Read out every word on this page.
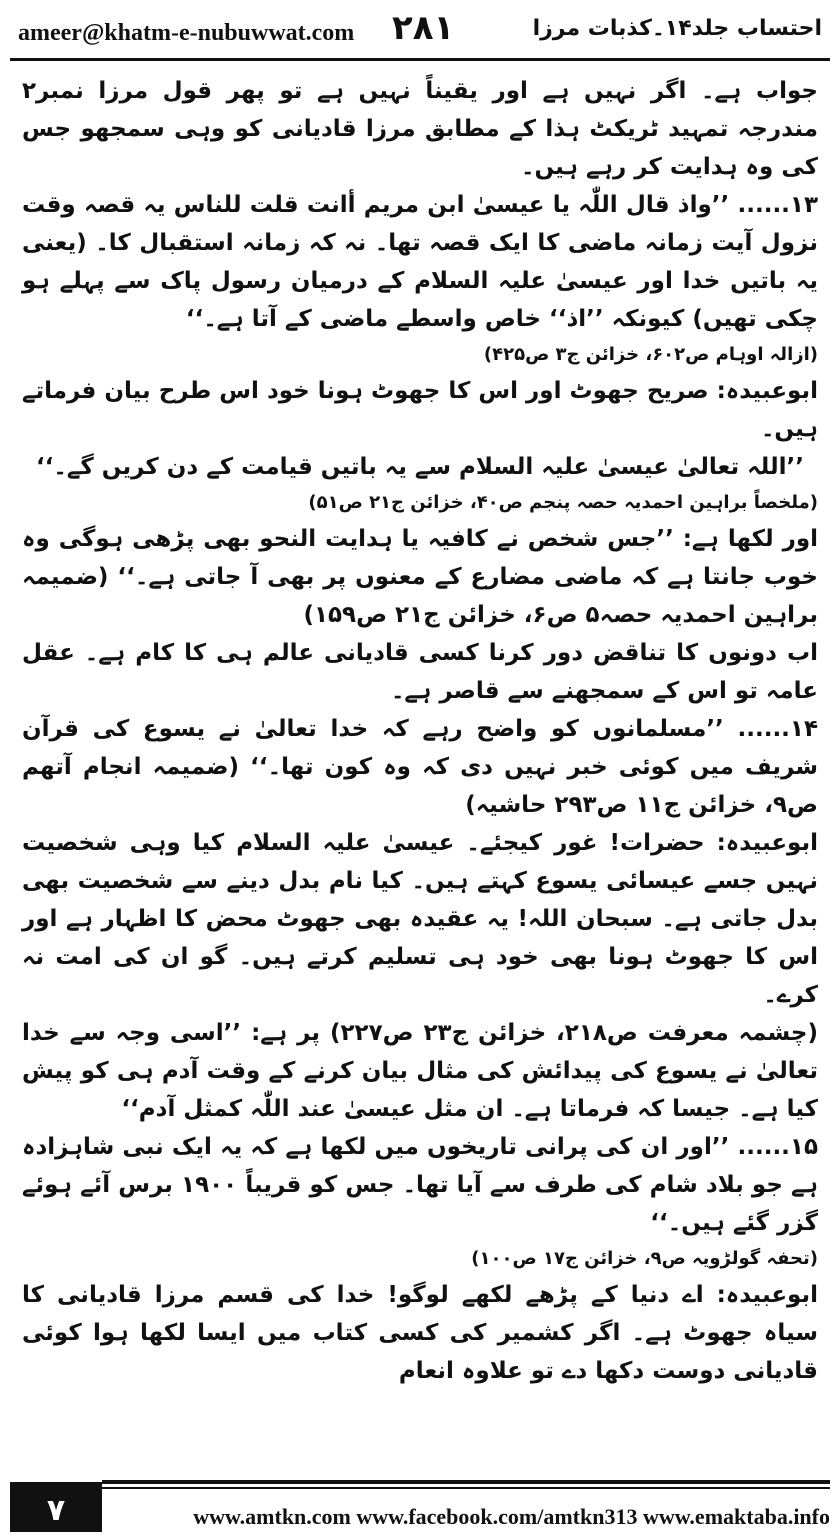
ameer@khatm-e-nubuwwat.com ۲۸۱	احتساب جلد۱۴۔کذبات مرزا

جواب ہے۔ اگر نہیں ہے اور یقیناً نہیں ہے تو پھر قول مرزا نمبر۲ مندرجہ تمہید ٹریکٹ ہذا کے مطابق مرزا قادیانی کو وہی سمجھو جس کی وہ ہدایت کر رہے ہیں۔

۱۳...... ’’واذ قال اللّٰہ یا عیسیٰ ابن مریم أانت قلت للناس یہ قصہ وقت نزول آیت زمانہ ماضی کا ایک قصہ تھا۔ نہ کہ زمانہ استقبال کا۔ (یعنی یہ باتیں خدا اور عیسیٰ علیہ السلام کے درمیان رسول پاک سے پہلے ہو چکی تھیں) کیونکہ ’’اذ‘‘ خاص واسطے ماضی کے آتا ہے۔‘‘

(ازالہ اوہام ص۶۰۲، خزائن ج۳ ص۴۲۵)

ابوعبیدہ: صریح جھوٹ اور اس کا جھوٹ ہونا خود اس طرح بیان فرماتے ہیں۔

’’اللہ تعالیٰ عیسیٰ علیہ السلام سے یہ باتیں قیامت کے دن کریں گے۔‘‘

(ملخصاً براہین احمدیہ حصہ پنجم ص۴۰، خزائن ج۲۱ ص۵۱)

اور لکھا ہے: ’’جس شخص نے کافیہ یا ہدایت النحو بھی پڑھی ہوگی وہ خوب جانتا ہے کہ ماضی مضارع کے معنوں پر بھی آ جاتی ہے۔‘‘ (ضمیمہ براہین احمدیہ حصہ۵ ص۶، خزائن ج۲۱ ص۱۵۹)

اب دونوں کا تناقض دور کرنا کسی قادیانی عالم ہی کا کام ہے۔ عقل عامہ تو اس کے سمجھنے سے قاصر ہے۔

۱۴...... ’’مسلمانوں کو واضح رہے کہ خدا تعالیٰ نے یسوع کی قرآن شریف میں کوئی خبر نہیں دی کہ وہ کون تھا۔‘‘ (ضمیمہ انجام آتھم ص۹، خزائن ج۱۱ ص۲۹۳ حاشیہ)

ابوعبیدہ: حضرات! غور کیجئے۔ عیسیٰ علیہ السلام کیا وہی شخصیت نہیں جسے عیسائی یسوع کہتے ہیں۔ کیا نام بدل دینے سے شخصیت بھی بدل جاتی ہے۔ سبحان اللہ! یہ عقیدہ بھی جھوٹ محض کا اظہار ہے اور اس کا جھوٹ ہونا بھی خود ہی تسلیم کرتے ہیں۔ گو ان کی امت نہ کرے۔

(چشمہ معرفت ص۲۱۸، خزائن ج۲۳ ص۲۲۷) پر ہے: ’’اسی وجہ سے خدا تعالیٰ نے یسوع کی پیدائش کی مثال بیان کرنے کے وقت آدم ہی کو پیش کیا ہے۔ جیسا کہ فرماتا ہے۔ ان مثل عیسیٰ عند اللّٰہ کمثل آدم‘‘

۱۵...... ’’اور ان کی پرانی تاریخوں میں لکھا ہے کہ یہ ایک نبی شاہزادہ ہے جو بلاد شام کی طرف سے آیا تھا۔ جس کو قریباً ۱۹۰۰ برس آئے ہوئے گزر گئے ہیں۔‘‘

(تحفہ گولڑویہ ص۹، خزائن ج۱۷ ص۱۰۰)

ابوعبیدہ: اے دنیا کے پڑھے لکھے لوگو! خدا کی قسم مرزا قادیانی کا سیاہ جھوٹ ہے۔ اگر کشمیر کی کسی کتاب میں ایسا لکھا ہوا کوئی قادیانی دوست دکھا دے تو علاوہ انعام

۷	www.amtkn.com www.facebook.com/amtkn313 www.emaktaba.info
